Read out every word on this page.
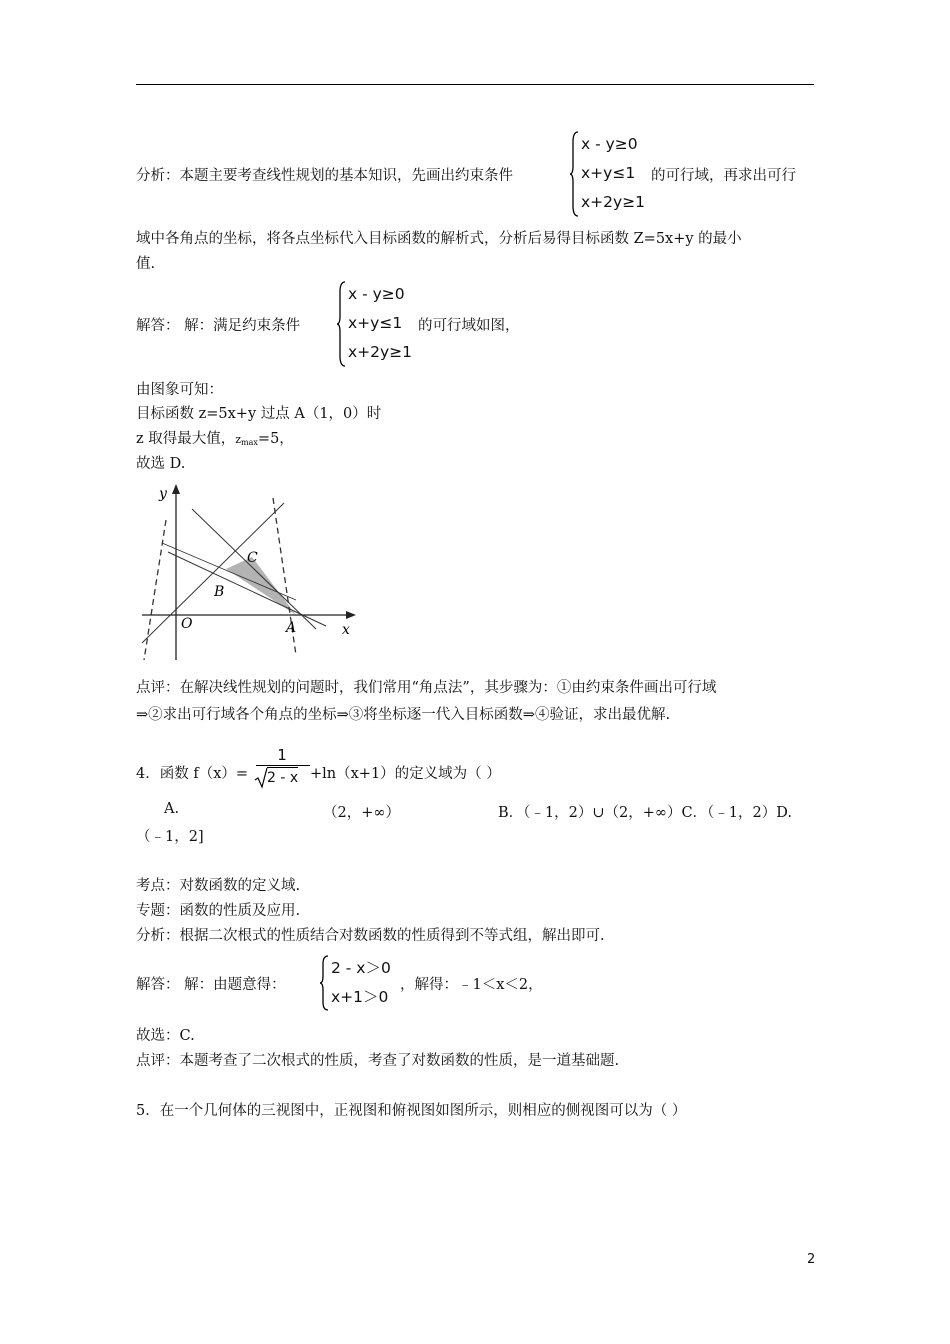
分析：本题主要考查线性规划的基本知识，先画出约束条件
x - y≥0
x+y≤1
x+2y≥1
的可行域，再求出可行
域中各角点的坐标，将各点坐标代入目标函数的解析式，分析后易得目标函数 Z=5x+y 的最小
值.
解答： 解：满足约束条件
x - y≥0
x+y≤1
x+2y≥1
的可行域如图，
由图象可知：
目标函数 z=5x+y 过点 A（1，0）时
z 取得最大值，$z_{max}=5$，
故选 D.
y
x
O	A
B
C
点评：在解决线性规划的问题时，我们常用“角点法”，其步骤为：①由约束条件画出可行域
⇒②求出可行域各个角点的坐标⇒③将坐标逐一代入目标函数⇒④验证，求出最优解.
4．函数 f（x）=
$\frac{1}{2 - x}$
+ln（x+1）的定义域为（ ）
A.	（2，+∞）	B．（﹣1，2）∪（2，+∞）C．（﹣1，2）D.
（﹣1，2]
考点：对数函数的定义域.
专题：函数的性质及应用.
分析：根据二次根式的性质结合对数函数的性质得到不等式组，解出即可.
解答： 解：由题意得：
2 - x＞0
x+1＞0
，解得：﹣1＜x＜2，
故选：C.
点评：本题考查了二次根式的性质，考查了对数函数的性质，是一道基础题.
5．在一个几何体的三视图中，正视图和俯视图如图所示，则相应的侧视图可以为（ ）
2
